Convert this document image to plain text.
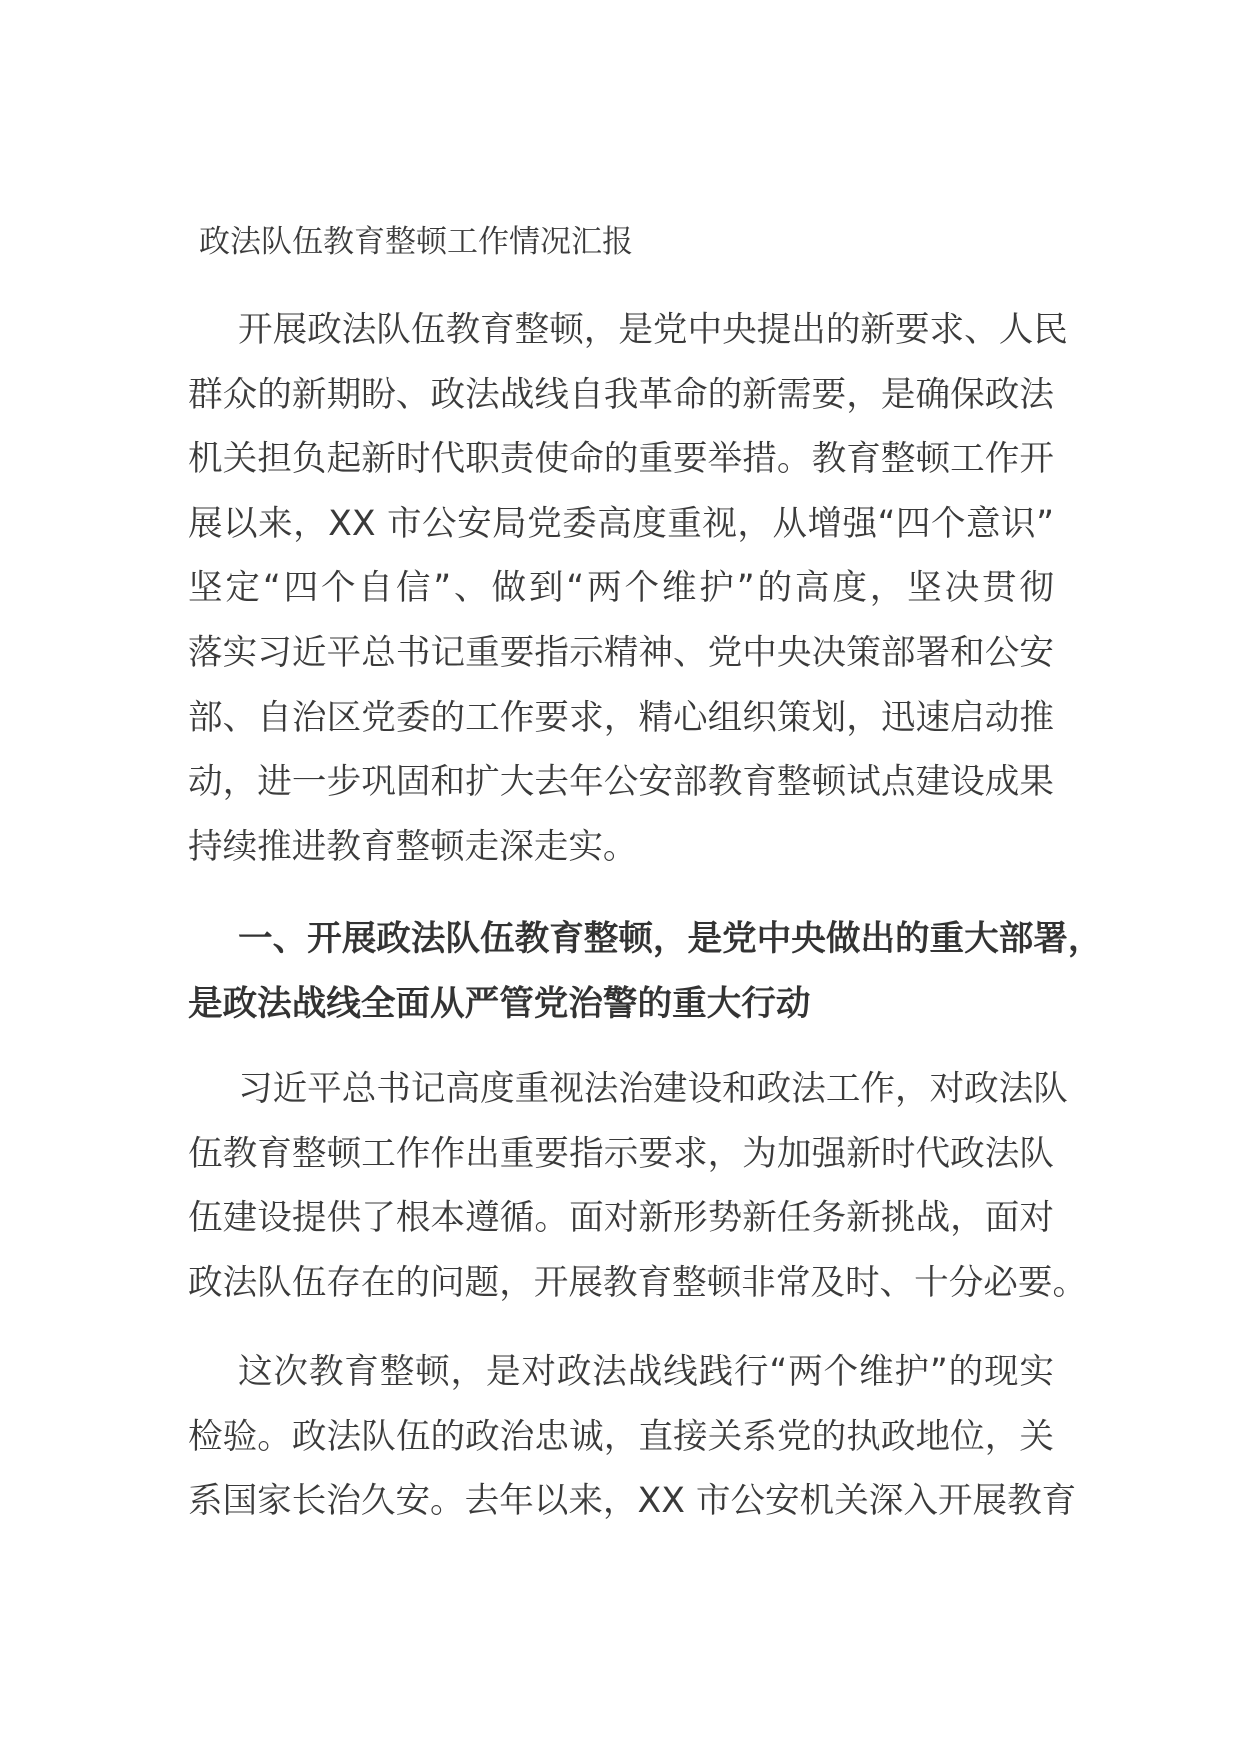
政法队伍教育整顿工作情况汇报
开展政法队伍教育整顿，是党中央提出的新要求、人民
群众的新期盼、政法战线自我革命的新需要，是确保政法
机关担负起新时代职责使命的重要举措。教育整顿工作开
展以来，XX 市公安局党委高度重视，从增强“四个意识”
坚定“四个自信”、做到“两个维护”的高度，坚决贯彻
落实习近平总书记重要指示精神、党中央决策部署和公安
部、自治区党委的工作要求，精心组织策划，迅速启动推
动，进一步巩固和扩大去年公安部教育整顿试点建设成果
持续推进教育整顿走深走实。
一、开展政法队伍教育整顿，是党中央做出的重大部署，
是政法战线全面从严管党治警的重大行动
习近平总书记高度重视法治建设和政法工作，对政法队
伍教育整顿工作作出重要指示要求，为加强新时代政法队
伍建设提供了根本遵循。面对新形势新任务新挑战，面对
政法队伍存在的问题，开展教育整顿非常及时、十分必要。
这次教育整顿，是对政法战线践行“两个维护”的现实
检验。政法队伍的政治忠诚，直接关系党的执政地位，关
系国家长治久安。去年以来，XX 市公安机关深入开展教育
